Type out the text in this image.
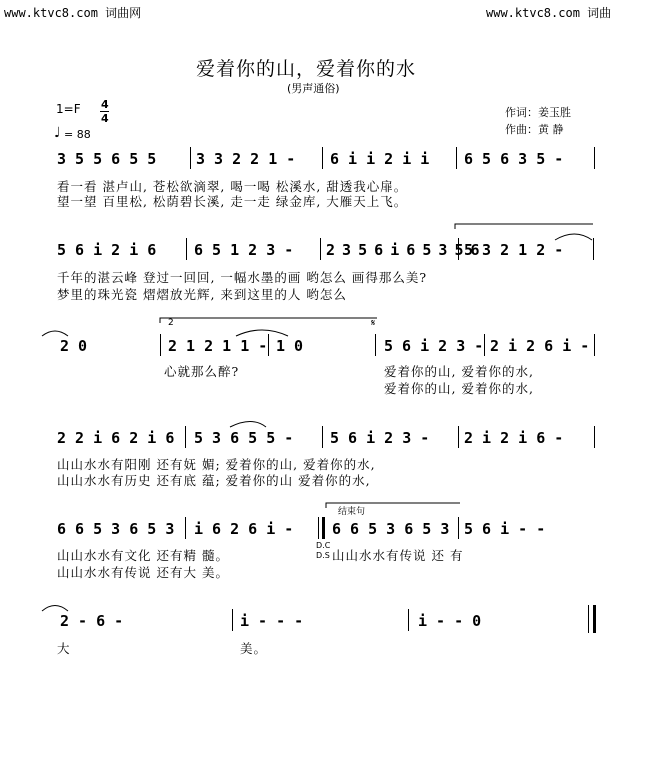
www.ktvc8.com 词曲网	www.ktvc8.com 词曲
爱着你的山，爱着你的水
(男声通俗)
1=F 4
4
♩ = 88
作词：姜玉胜
作曲：黄 静
3 5 5 6 5 5	3 3 2 2 1 - 6 i i 2 i i 6 5 6 3 5 -
看一看 湛卢山, 苍松欲滴翠, 喝一喝 松溪水, 甜透我心扉。
望一望 百里松, 松荫碧长溪, 走一走 绿金库, 大雁天上飞。
5 6 i 2 i 6	6 5 1 2 3 - 2 3 5 6 i 6 5 3 5 6
5 3 2 1 2 -
千年的湛云峰 登过一回回, 一幅水墨的画 哟怎么 画得那么美?
梦里的珠光瓷 熠熠放光辉, 来到这里的人 哟怎么
2 0	2 1 2 1 1 - 1 0	5 6 i 2 3 - 2 i 2 6 i -
心就那么醉?	爱着你的山, 爱着你的水,
爱着你的山, 爱着你的水,
𝄋
2
2 2 i 6 2 i 6 5 3 6 5 5 - 5 6 i 2 3 - 2 i 2 i 6 -
山山水水有阳刚 还有妩 媚; 爱着你的山, 爱着你的水,
山山水水有历史 还有底 蕴; 爱着你的山 爱着你的水,
6 6 5 3 6 5 3 i 6 2 6 i -	6 6 5 3 6 5 3 5 6 i - -
结束句
D.C
D.S
山山水水有文化 还有精 髓。	山山水水有传说 还 有
山山水水有传说 还有大 美。
2 - 6 -	i - - -	i - - 0
大	美。
